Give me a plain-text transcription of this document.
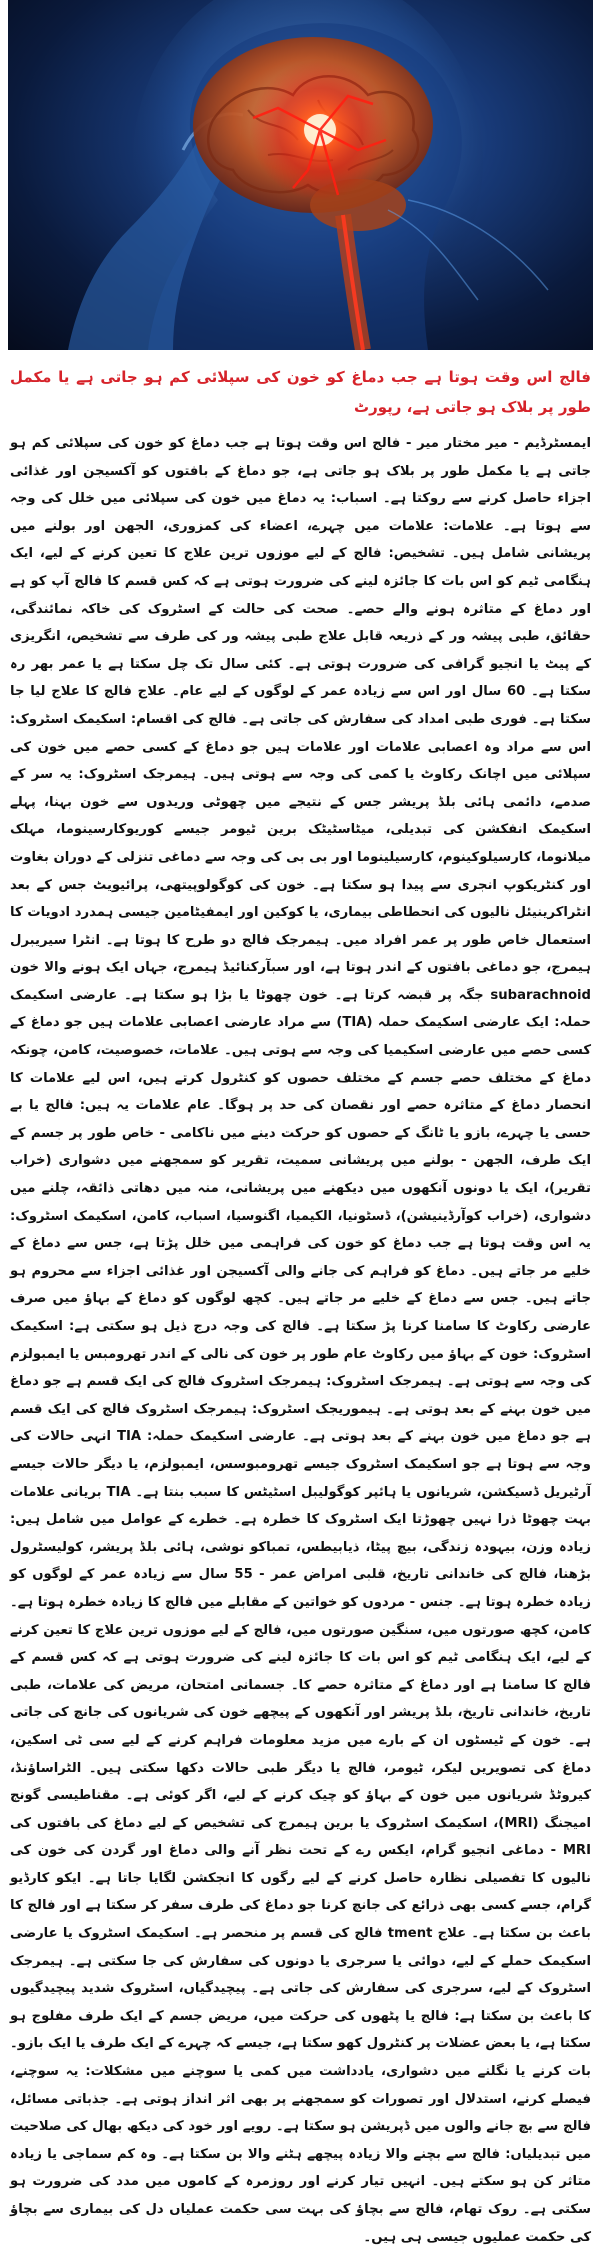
فالج اس وقت ہوتا ہے جب دماغ کو خون کی سپلائی کم ہو جاتی ہے یا مکمل طور پر بلاک ہو جاتی ہے، رپورٹ

ایمسٹرڈیم - میر مختار میر - فالج اس وقت ہوتا ہے جب دماغ کو خون کی سپلائی کم ہو جاتی ہے یا مکمل طور پر بلاک ہو جاتی ہے، جو دماغ کے بافتوں کو آکسیجن اور غذائی اجزاء حاصل کرنے سے روکتا ہے۔ اسباب: یہ دماغ میں خون کی سپلائی میں خلل کی وجہ سے ہوتا ہے۔ علامات: علامات میں چہرے، اعضاء کی کمزوری، الجھن اور بولنے میں پریشانی شامل ہیں۔ تشخیص: فالج کے لیے موزوں ترین علاج کا تعین کرنے کے لیے، ایک ہنگامی ٹیم کو اس بات کا جائزہ لینے کی ضرورت ہوتی ہے کہ کس قسم کا فالج آپ کو ہے اور دماغ کے متاثرہ ہونے والے حصے۔ صحت کی حالت کے اسٹروک کی خاکہ نمائندگی، حقائق، طبی پیشہ ور کے ذریعہ قابل علاج طبی پیشہ ور کی طرف سے تشخیص، انگریزی کے پیٹ یا انجیو گرافی کی ضرورت ہوتی ہے۔ کئی سال تک چل سکتا ہے یا عمر بھر رہ سکتا ہے۔ 60 سال اور اس سے زیادہ عمر کے لوگوں کے لیے عام۔ علاج فالج کا علاج لیا جا سکتا ہے۔ فوری طبی امداد کی سفارش کی جاتی ہے۔ فالج کی اقسام: اسکیمک اسٹروک: اس سے مراد وہ اعصابی علامات اور علامات ہیں جو دماغ کے کسی حصے میں خون کی سپلائی میں اچانک رکاوٹ یا کمی کی وجہ سے ہوتی ہیں۔ ہیمرجک اسٹروک: یہ سر کے صدمے، دائمی ہائی بلڈ پریشر جس کے نتیجے میں چھوٹی وریدوں سے خون بہنا، پہلے اسکیمک انفکشن کی تبدیلی، میٹاسٹیٹک برین ٹیومر جیسے کوریوکارسینوما، مہلک میلانوما، کارسیلوکینوم، کارسیلینوما اور بی بی کی وجہ سے دماغی تنزلی کے دوران بغاوت اور کنٹریکوپ انجری سے پیدا ہو سکتا ہے۔ خون کی کوگولوپیتھی، پرائیویٹ جس کے بعد انٹراکرینیئل نالیوں کی انحطاطی بیماری، یا کوکین اور ایمفیٹامین جیسی ہمدرد ادویات کا استعمال خاص طور پر عمر افراد میں۔ ہیمرجک فالج دو طرح کا ہوتا ہے۔ انٹرا سیریبرل ہیمرج، جو دماغی بافتوں کے اندر ہوتا ہے، اور سبآرکنائیڈ ہیمرج، جہاں ایک ہونے والا خون subarachnoid جگہ پر قبضہ کرتا ہے۔ خون چھوٹا یا بڑا ہو سکتا ہے۔ عارضی اسکیمک حملہ: ایک عارضی اسکیمک حملہ (TIA) سے مراد عارضی اعصابی علامات ہیں جو دماغ کے کسی حصے میں عارضی اسکیمیا کی وجہ سے ہوتی ہیں۔ علامات، خصوصیت، کامن، چونکہ دماغ کے مختلف حصے جسم کے مختلف حصوں کو کنٹرول کرتے ہیں، اس لیے علامات کا انحصار دماغ کے متاثرہ حصے اور نقصان کی حد پر ہوگا۔ عام علامات یہ ہیں: فالج یا بے حسی یا چہرے، بازو یا ٹانگ کے حصوں کو حرکت دینے میں ناکامی - خاص طور پر جسم کے ایک طرف، الجھن - بولنے میں پریشانی سمیت، تقریر کو سمجھنے میں دشواری (خراب تقریر)، ایک یا دونوں آنکھوں میں دیکھنے میں پریشانی، منہ میں دھاتی ذائقہ، چلنے میں دشواری، (خراب کوآرڈینیشن)، ڈسٹونیا، الکیمیا، اگنوسیا، اسباب، کامن، اسکیمک اسٹروک: یہ اس وقت ہوتا ہے جب دماغ کو خون کی فراہمی میں خلل پڑتا ہے، جس سے دماغ کے خلیے مر جاتے ہیں۔ دماغ کو فراہم کی جانے والی آکسیجن اور غذائی اجزاء سے محروم ہو جاتے ہیں۔ جس سے دماغ کے خلیے مر جاتے ہیں۔ کچھ لوگوں کو دماغ کے بہاؤ میں صرف عارضی رکاوٹ کا سامنا کرنا پڑ سکتا ہے۔ فالج کی وجہ درج ذیل ہو سکتی ہے: اسکیمک اسٹروک: خون کے بہاؤ میں رکاوٹ عام طور پر خون کی نالی کے اندر تھرومبس یا ایمبولزم کی وجہ سے ہوتی ہے۔ ہیمرجک اسٹروک: ہیمرجک اسٹروک فالج کی ایک قسم ہے جو دماغ میں خون بہنے کے بعد ہوتی ہے۔ ہیموریجک اسٹروک: ہیمرجک اسٹروک فالج کی ایک قسم ہے جو دماغ میں خون بہنے کے بعد ہوتی ہے۔ عارضی اسکیمک حملہ: TIA انہی حالات کی وجہ سے ہوتا ہے جو اسکیمک اسٹروک جیسے تھرومبوسس، ایمبولزم، یا دیگر حالات جیسے آرٹیریل ڈسیکشن، شریانوں یا ہائپر کوگولیبل اسٹیٹس کا سبب بنتا ہے۔ TIA بریانی علامات بہت چھوٹا ذرا نہیں چھوڑتا ایک اسٹروک کا خطرہ ہے۔ خطرے کے عوامل میں شامل ہیں: زیادہ وزن، بیہودہ زندگی، بیچ پیٹا، ذیابیطس، تمباکو نوشی، ہائی بلڈ پریشر، کولیسٹرول بڑھنا، فالج کی خاندانی تاریخ، قلبی امراض عمر - 55 سال سے زیادہ عمر کے لوگوں کو زیادہ خطرہ ہوتا ہے۔ جنس - مردوں کو خواتین کے مقابلے میں فالج کا زیادہ خطرہ ہوتا ہے۔ کامن، کچھ صورتوں میں، سنگین صورتوں میں، فالج کے لیے موزوں ترین علاج کا تعین کرنے کے لیے، ایک ہنگامی ٹیم کو اس بات کا جائزہ لینے کی ضرورت ہوتی ہے کہ کس قسم کے فالج کا سامنا ہے اور دماغ کے متاثرہ حصے کا۔ جسمانی امتحان، مریض کی علامات، طبی تاریخ، خاندانی تاریخ، بلڈ پریشر اور آنکھوں کے پیچھے خون کی شریانوں کی جانچ کی جاتی ہے۔ خون کے ٹیسٹوں ان کے بارے میں مزید معلومات فراہم کرنے کے لیے سی ٹی اسکین، دماغ کی تصویریں لیکر، ٹیومر، فالج یا دیگر طبی حالات دکھا سکتی ہیں۔ الٹراساؤنڈ، کیروٹڈ شریانوں میں خون کے بہاؤ کو چیک کرنے کے لیے، اگر کوئی ہے۔ مقناطیسی گونج امیجنگ (MRI)، اسکیمک اسٹروک یا برین ہیمرج کی تشخیص کے لیے دماغ کی بافتوں کی MRI - دماغی انجیو گرام، ایکس رے کے تحت نظر آنے والی دماغ اور گردن کی خون کی نالیوں کا تفصیلی نظارہ حاصل کرنے کے لیے رگوں کا انجکشن لگایا جاتا ہے۔ ایکو کارڈیو گرام، جسے کسی بھی ذرائع کی جانچ کرنا جو دماغ کی طرف سفر کر سکتا ہے اور فالج کا باعث بن سکتا ہے۔ علاج tment فالج کی قسم پر منحصر ہے۔ اسکیمک اسٹروک یا عارضی اسکیمک حملے کے لیے، دوائی یا سرجری یا دونوں کی سفارش کی جا سکتی ہے۔ ہیمرجک اسٹروک کے لیے، سرجری کی سفارش کی جاتی ہے۔ پیچیدگیاں، اسٹروک شدید پیچیدگیوں کا باعث بن سکتا ہے: فالج یا پٹھوں کی حرکت میں، مریض جسم کے ایک طرف مفلوج ہو سکتا ہے، یا بعض عضلات پر کنٹرول کھو سکتا ہے، جیسے کہ چہرے کے ایک طرف یا ایک بازو۔ بات کرنے یا نگلنے میں دشواری، یادداشت میں کمی یا سوچنے میں مشکلات: یہ سوچنے، فیصلے کرنے، استدلال اور تصورات کو سمجھنے پر بھی اثر انداز ہوتی ہے۔ جذباتی مسائل، فالج سے بچ جانے والوں میں ڈپریشن ہو سکتا ہے۔ رویے اور خود کی دیکھ بھال کی صلاحیت میں تبدیلیاں: فالج سے بچنے والا زیادہ پیچھے ہٹنے والا بن سکتا ہے۔ وہ کم سماجی یا زیادہ متاثر کن ہو سکتے ہیں۔ انہیں تیار کرنے اور روزمرہ کے کاموں میں مدد کی ضرورت ہو سکتی ہے۔ روک تھام، فالج سے بچاؤ کی بہت سی حکمت عملیاں دل کی بیماری سے بچاؤ کی حکمت عملیوں جیسی ہی ہیں۔
